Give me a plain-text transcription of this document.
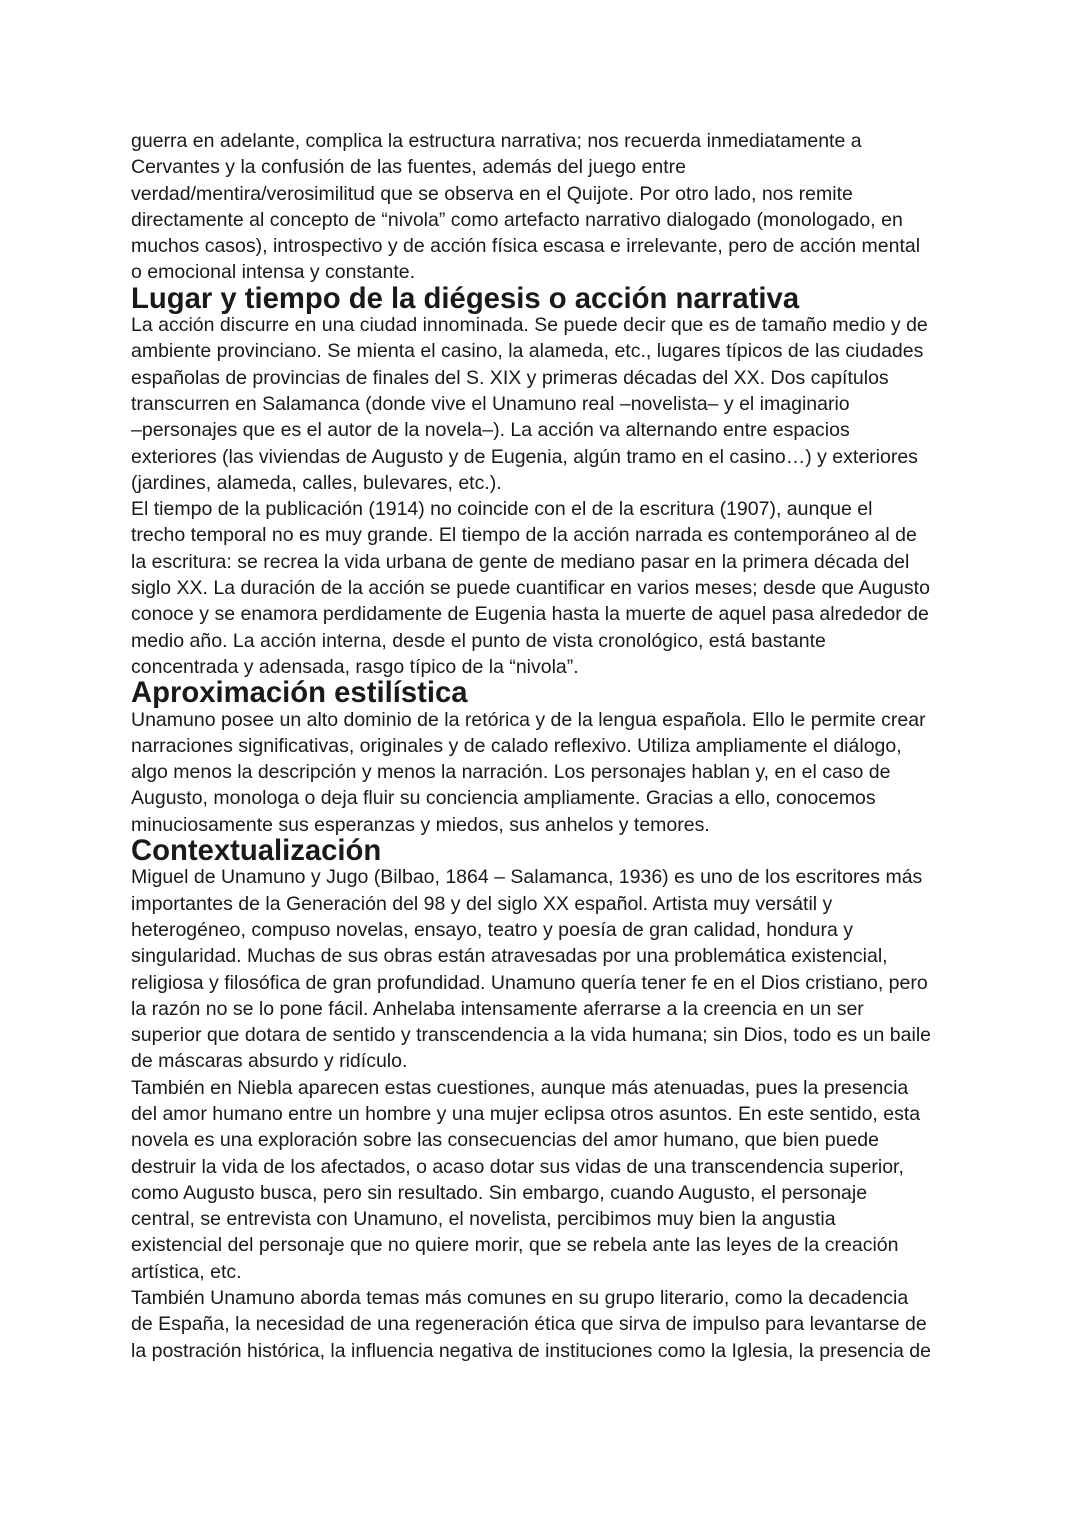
guerra en adelante, complica la estructura narrativa; nos recuerda inmediatamente a
Cervantes y la confusión de las fuentes, además del juego entre
verdad/mentira/verosimilitud que se observa en el Quijote. Por otro lado, nos remite
directamente al concepto de “nivola” como artefacto narrativo dialogado (monologado, en
muchos casos), introspectivo y de acción física escasa e irrelevante, pero de acción mental
o emocional intensa y constante.

Lugar y tiempo de la diégesis o acción narrativa

La acción discurre en una ciudad innominada. Se puede decir que es de tamaño medio y de
ambiente provinciano. Se mienta el casino, la alameda, etc., lugares típicos de las ciudades
españolas de provincias de finales del S. XIX y primeras décadas del XX. Dos capítulos
transcurren en Salamanca (donde vive el Unamuno real –novelista– y el imaginario
–personajes que es el autor de la novela–). La acción va alternando entre espacios
exteriores (las viviendas de Augusto y de Eugenia, algún tramo en el casino…) y exteriores
(jardines, alameda, calles, bulevares, etc.).

El tiempo de la publicación (1914) no coincide con el de la escritura (1907), aunque el
trecho temporal no es muy grande. El tiempo de la acción narrada es contemporáneo al de
la escritura: se recrea la vida urbana de gente de mediano pasar en la primera década del
siglo XX. La duración de la acción se puede cuantificar en varios meses; desde que Augusto
conoce y se enamora perdidamente de Eugenia hasta la muerte de aquel pasa alrededor de
medio año. La acción interna, desde el punto de vista cronológico, está bastante
concentrada y adensada, rasgo típico de la “nivola”.

Aproximación estilística

Unamuno posee un alto dominio de la retórica y de la lengua española. Ello le permite crear
narraciones significativas, originales y de calado reflexivo. Utiliza ampliamente el diálogo,
algo menos la descripción y menos la narración. Los personajes hablan y, en el caso de
Augusto, monologa o deja fluir su conciencia ampliamente. Gracias a ello, conocemos
minuciosamente sus esperanzas y miedos, sus anhelos y temores.

Contextualización

Miguel de Unamuno y Jugo (Bilbao, 1864 – Salamanca, 1936) es uno de los escritores más
importantes de la Generación del 98 y del siglo XX español. Artista muy versátil y
heterogéneo, compuso novelas, ensayo, teatro y poesía de gran calidad, hondura y
singularidad. Muchas de sus obras están atravesadas por una problemática existencial,
religiosa y filosófica de gran profundidad. Unamuno quería tener fe en el Dios cristiano, pero
la razón no se lo pone fácil. Anhelaba intensamente aferrarse a la creencia en un ser
superior que dotara de sentido y transcendencia a la vida humana; sin Dios, todo es un baile
de máscaras absurdo y ridículo.

También en Niebla aparecen estas cuestiones, aunque más atenuadas, pues la presencia
del amor humano entre un hombre y una mujer eclipsa otros asuntos. En este sentido, esta
novela es una exploración sobre las consecuencias del amor humano, que bien puede
destruir la vida de los afectados, o acaso dotar sus vidas de una transcendencia superior,
como Augusto busca, pero sin resultado. Sin embargo, cuando Augusto, el personaje
central, se entrevista con Unamuno, el novelista, percibimos muy bien la angustia
existencial del personaje que no quiere morir, que se rebela ante las leyes de la creación
artística, etc.

También Unamuno aborda temas más comunes en su grupo literario, como la decadencia
de España, la necesidad de una regeneración ética que sirva de impulso para levantarse de
la postración histórica, la influencia negativa de instituciones como la Iglesia, la presencia de
